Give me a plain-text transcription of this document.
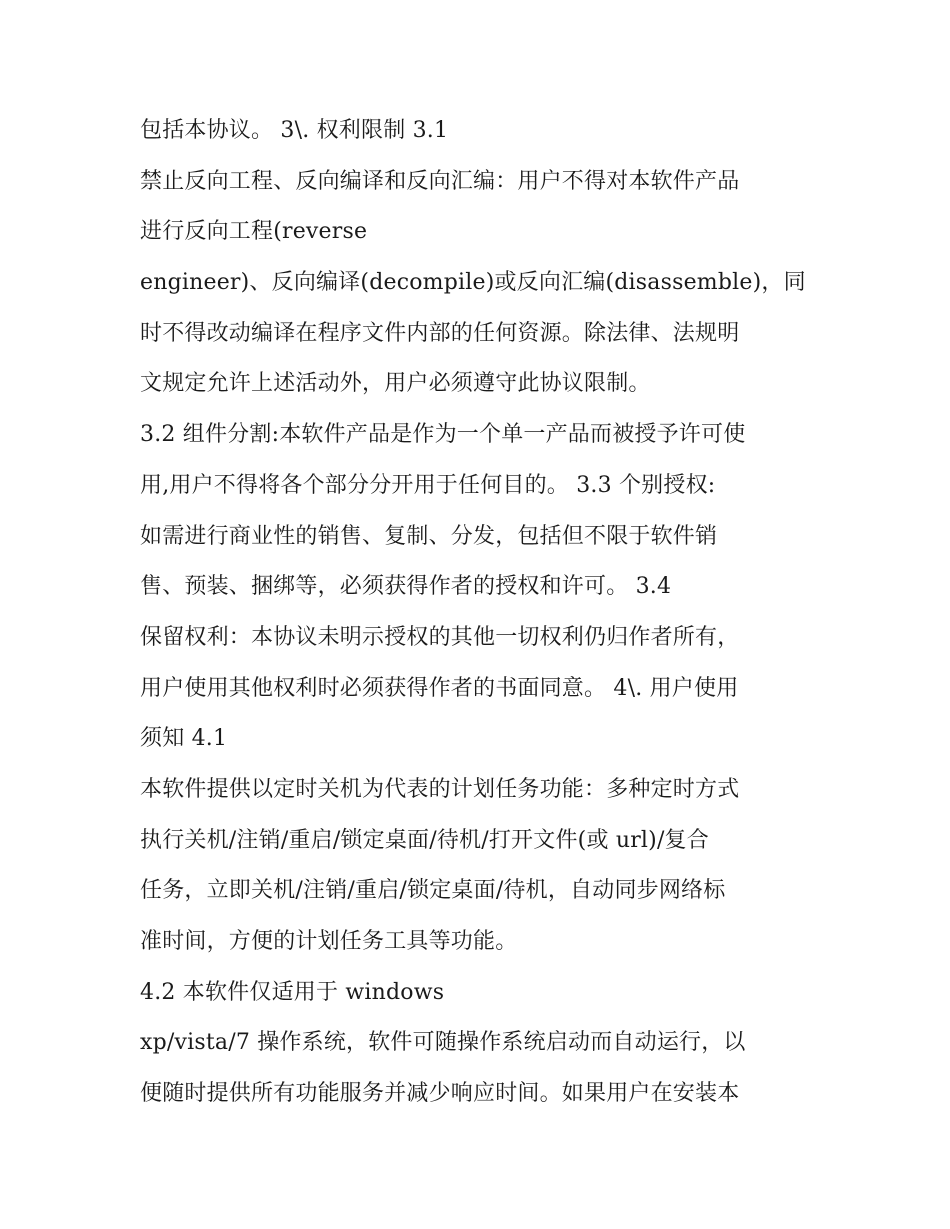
包括本协议。 3\. 权利限制 3.1
禁止反向工程、反向编译和反向汇编：用户不得对本软件产品
进行反向工程(reverse
engineer)、反向编译(decompile)或反向汇编(disassemble)，同
时不得改动编译在程序文件内部的任何资源。除法律、法规明
文规定允许上述活动外，用户必须遵守此协议限制。
3.2 组件分割:本软件产品是作为一个单一产品而被授予许可使
用,用户不得将各个部分分开用于任何目的。 3.3 个别授权:
如需进行商业性的销售、复制、分发，包括但不限于软件销
售、预装、捆绑等，必须获得作者的授权和许可。 3.4
保留权利：本协议未明示授权的其他一切权利仍归作者所有，
用户使用其他权利时必须获得作者的书面同意。 4\. 用户使用
须知 4.1
本软件提供以定时关机为代表的计划任务功能：多种定时方式
执行关机/注销/重启/锁定桌面/待机/打开文件(或 url)/复合
任务，立即关机/注销/重启/锁定桌面/待机，自动同步网络标
准时间，方便的计划任务工具等功能。
4.2 本软件仅适用于 windows
xp/vista/7 操作系统，软件可随操作系统启动而自动运行，以
便随时提供所有功能服务并减少响应时间。如果用户在安装本
